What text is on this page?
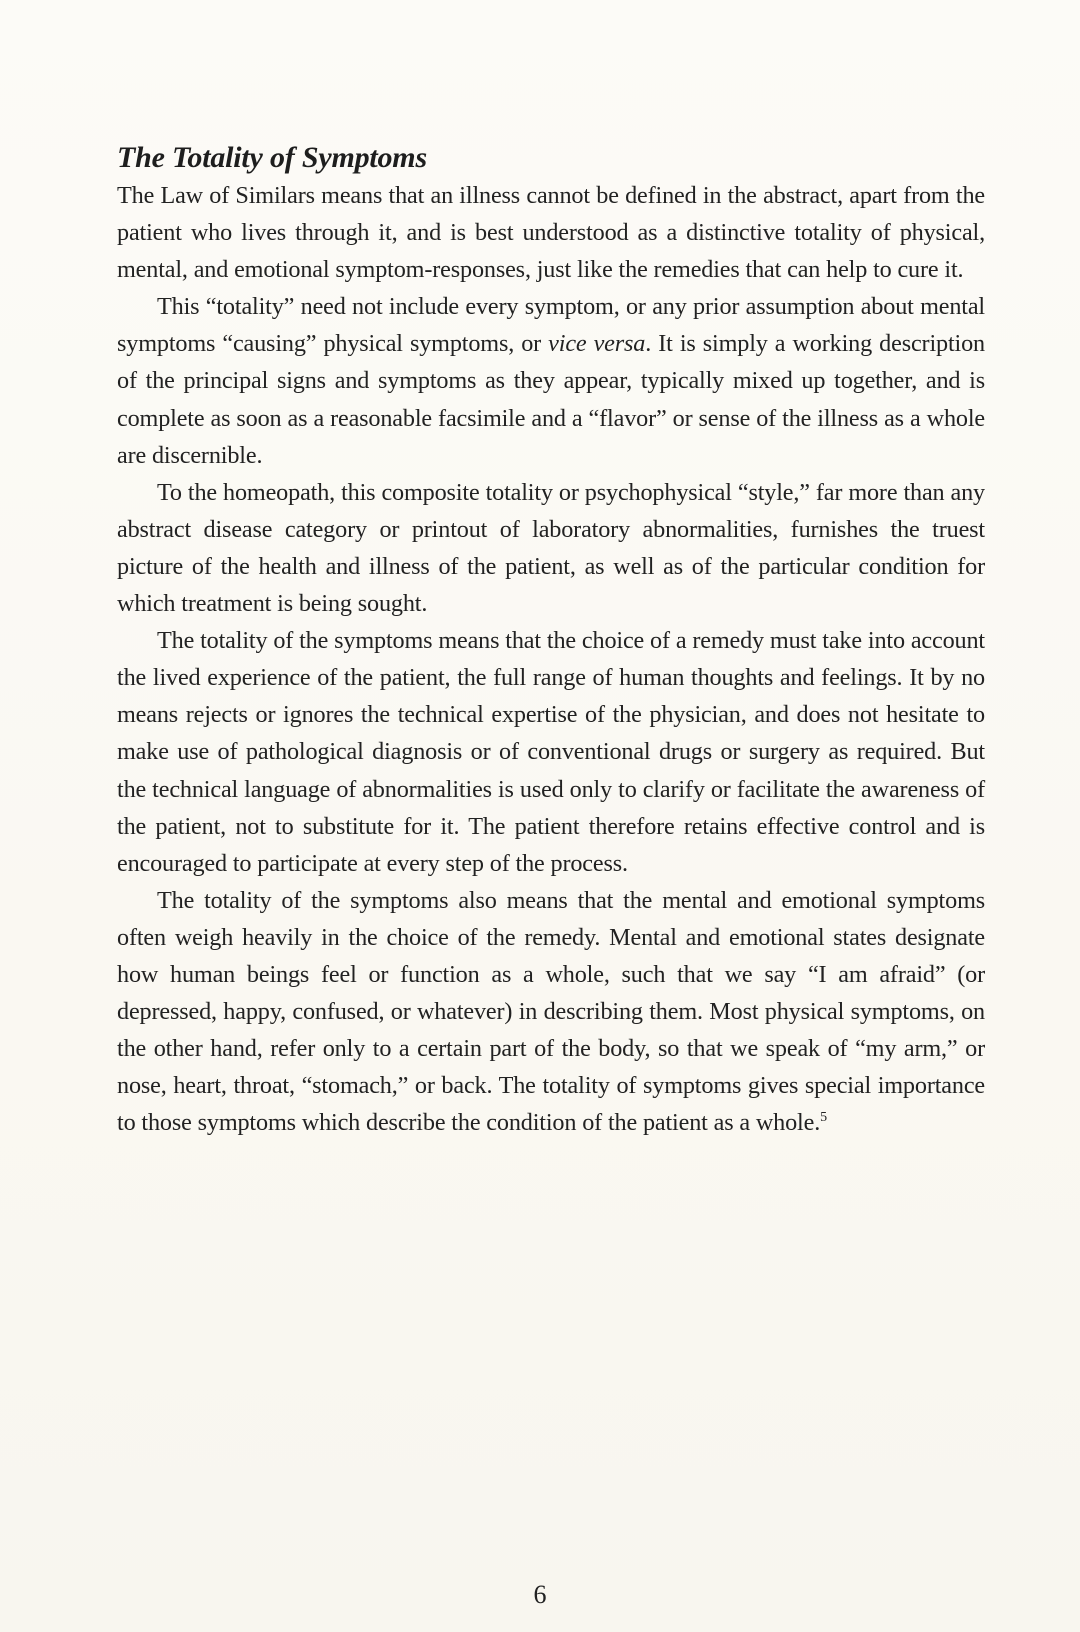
The Totality of Symptoms

The Law of Similars means that an illness cannot be defined in the abstract, apart from the patient who lives through it, and is best understood as a distinctive totality of physical, mental, and emotional symptom-responses, just like the remedies that can help to cure it.

This “totality” need not include every symptom, or any prior assumption about mental symptoms “causing” physical symptoms, or vice versa. It is simply a working description of the principal signs and symptoms as they appear, typically mixed up together, and is complete as soon as a reasonable facsimile and a “flavor” or sense of the illness as a whole are discernible.

To the homeopath, this composite totality or psychophysical “style,” far more than any abstract disease category or printout of laboratory abnormalities, furnishes the truest picture of the health and illness of the patient, as well as of the particular condition for which treatment is being sought.

The totality of the symptoms means that the choice of a remedy must take into account the lived experience of the patient, the full range of human thoughts and feelings. It by no means rejects or ignores the technical expertise of the physician, and does not hesitate to make use of pathological diagnosis or of conventional drugs or surgery as required. But the technical language of abnormalities is used only to clarify or facilitate the awareness of the patient, not to substitute for it. The patient therefore retains effective control and is encouraged to participate at every step of the process.

The totality of the symptoms also means that the mental and emotional symptoms often weigh heavily in the choice of the remedy. Mental and emotional states designate how human beings feel or function as a whole, such that we say “I am afraid” (or depressed, happy, confused, or whatever) in describing them. Most physical symptoms, on the other hand, refer only to a certain part of the body, so that we speak of “my arm,” or nose, heart, throat, “stomach,” or back. The totality of symptoms gives special importance to those symptoms which describe the condition of the patient as a whole.$^5$

6
